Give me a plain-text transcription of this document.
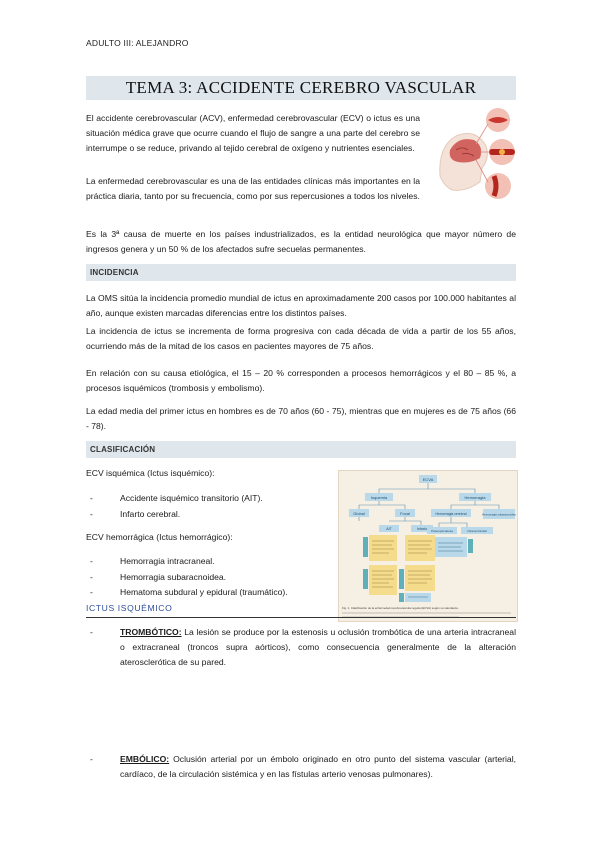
ADULTO III: ALEJANDRO
TEMA 3: ACCIDENTE CEREBRO VASCULAR
El accidente cerebrovascular (ACV), enfermedad cerebrovascular (ECV) o ictus es una situación médica grave que ocurre cuando el flujo de sangre a una parte del cerebro se interrumpe o se reduce, privando al tejido cerebral de oxígeno y nutrientes esenciales.
La enfermedad cerebrovascular es una de las entidades clínicas más importantes en la práctica diaria, tanto por su frecuencia, como por sus repercusiones a todos los niveles.
Es la 3ª causa de muerte en los países industrializados, es la entidad neurológica que mayor número de ingresos genera y un 50 % de los afectados sufre secuelas permanentes.
INCIDENCIA
La OMS sitúa la incidencia promedio mundial de ictus en aproximadamente 200 casos por 100.000 habitantes al año, aunque existen marcadas diferencias entre los distintos países.
La incidencia de ictus se incrementa de forma progresiva con cada década de vida a partir de los 55 años, ocurriendo más de la mitad de los casos en pacientes mayores de 75 años.
En relación con su causa etiológica, el 15 – 20 % corresponden a procesos hemorrágicos y el 80 – 85 %, a procesos isquémicos (trombosis y embolismo).
La edad media del primer ictus en hombres es de 70 años (60 - 75), mientras que en mujeres es de 75 años (66 - 78).
CLASIFICACIÓN
ECV isquémica (Ictus isquémico):
- Accidente isquémico transitorio (AIT).
- Infarto cerebral.
ECV hemorrágica (Ictus hemorrágico):
- Hemorragia intracraneal.
- Hemorragia subaracnoidea.
- Hematoma subdural y epidural (traumático).
ECVA
Isquemia	Hemorragia
Global	Focal	Hemorragia cerebral	Hemorragia subaracnoidea
AIT	Infarto Parenquimatosa	Intraventricular
Fig. 1. Clasificación de la enfermedad cerebrovascular aguda (ECVA) según su naturaleza.
ICTUS ISQUÉMICO
- TROMBÓTICO: La lesión se produce por la estenosis u oclusión trombótica de una arteria intracraneal o extracraneal (troncos supra aórticos), como consecuencia generalmente de la alteración aterosclerótica de su pared.
- EMBÓLICO: Oclusión arterial por un émbolo originado en otro punto del sistema vascular (arterial, cardíaco, de la circulación sistémica y en las fístulas arterio venosas pulmonares).
